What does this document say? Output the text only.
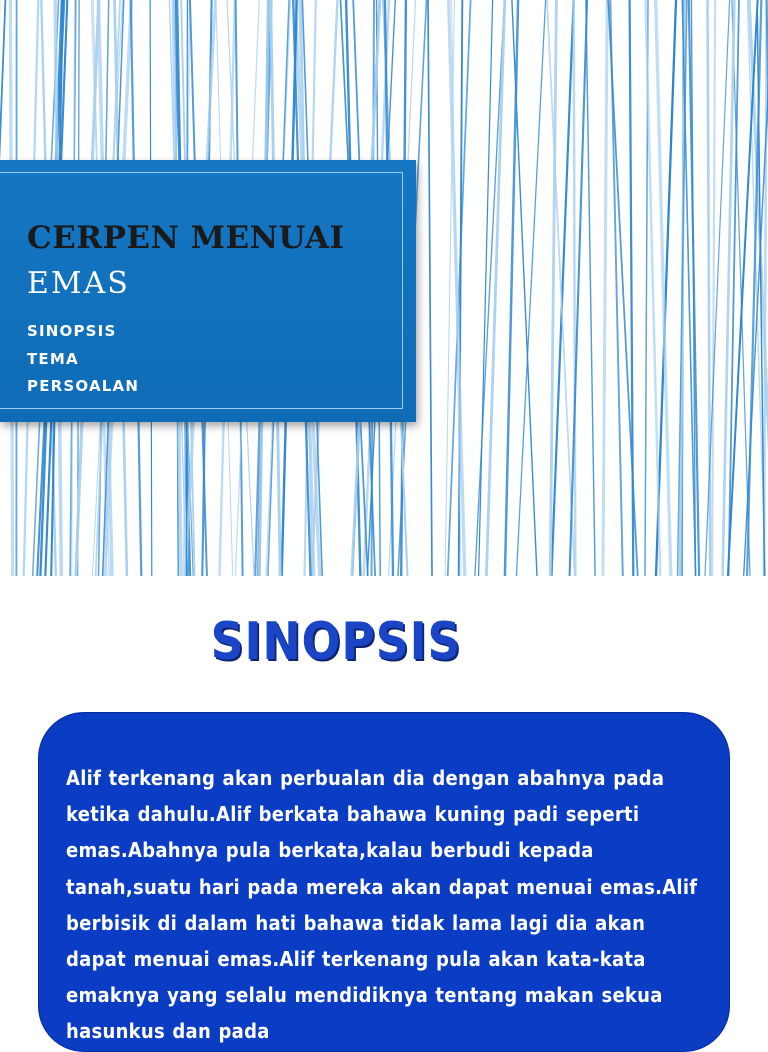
CERPEN MENUAI
EMAS
SINOPSIS
TEMA
PERSOALAN
SINOPSIS
Alif terkenang akan perbualan dia dengan abahnya pada ketika dahulu.Alif berkata bahawa kuning padi seperti emas.Abahnya pula berkata,kalau berbudi kepada tanah,suatu hari pada mereka akan dapat menuai emas.Alif berbisik di dalam hati bahawa tidak lama lagi dia akan dapat menuai emas.Alif terkenang pula akan kata-kata emaknya yang selalu mendidiknya tentang makan sekua hasunkus dan pada
